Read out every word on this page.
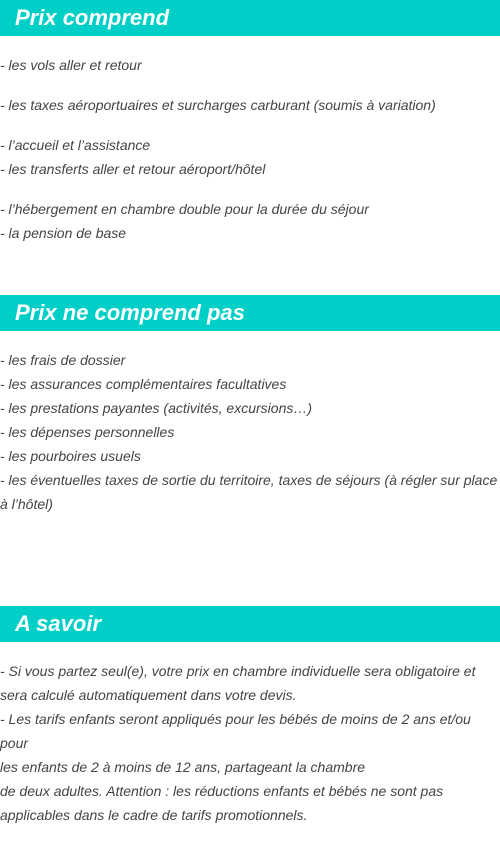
Prix comprend
- les vols aller et retour
- les taxes aéroportuaires et surcharges carburant (soumis à variation)
- l’accueil et l’assistance
- les transferts aller et retour aéroport/hôtel
- l’hébergement en chambre double pour la durée du séjour
- la pension de base
Prix ne comprend pas
- les frais de dossier
- les assurances complémentaires facultatives
- les prestations payantes (activités, excursions…)
- les dépenses personnelles
- les pourboires usuels
- les éventuelles taxes de sortie du territoire, taxes de séjours (à régler sur place
à l’hôtel)
A savoir
- Si vous partez seul(e), votre prix en chambre individuelle sera obligatoire et
sera calculé automatiquement dans votre devis.
- Les tarifs enfants seront appliqués pour les bébés de moins de 2 ans et/ou pour
les enfants de 2 à moins de 12 ans, partageant la chambre
de deux adultes. Attention : les réductions enfants et bébés ne sont pas
applicables dans le cadre de tarifs promotionnels.
